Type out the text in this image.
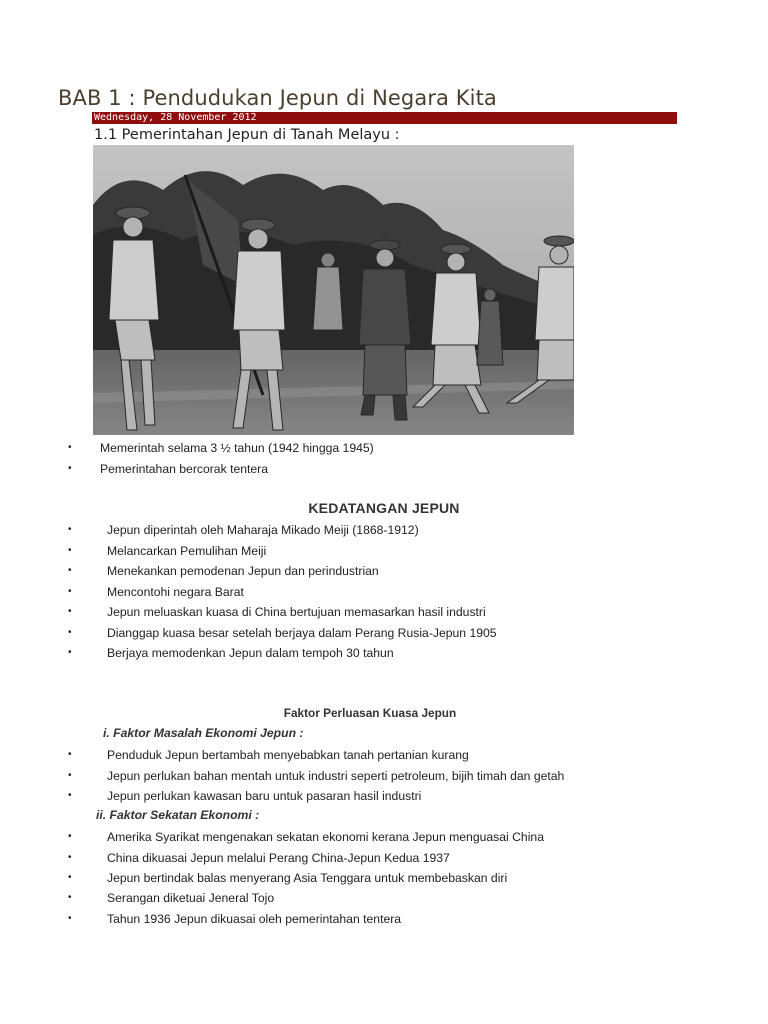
BAB 1 : Pendudukan Jepun di Negara Kita
Wednesday, 28 November 2012
1.1 Pemerintahan Jepun di Tanah Melayu :
• Memerintah selama 3 ½ tahun (1942 hingga 1945)
• Pemerintahan bercorak tentera
KEDATANGAN JEPUN
•	Jepun diperintah oleh Maharaja Mikado Meiji (1868-1912)
•	Melancarkan Pemulihan Meiji
•	Menekankan pemodenan Jepun dan perindustrian
•	Mencontohi negara Barat
•	Jepun meluaskan kuasa di China bertujuan memasarkan hasil industri
•	Dianggap kuasa besar setelah berjaya dalam Perang Rusia-Jepun 1905
•	Berjaya memodenkan Jepun dalam tempoh 30 tahun
Faktor Perluasan Kuasa Jepun

i. Faktor Masalah Ekonomi Jepun :

•	Penduduk Jepun bertambah menyebabkan tanah pertanian kurang
•	Jepun perlukan bahan mentah untuk industri seperti petroleum, bijih timah dan getah
•	Jepun perlukan kawasan baru untuk pasaran hasil industri

ii. Faktor Sekatan Ekonomi :

•	Amerika Syarikat mengenakan sekatan ekonomi kerana Jepun menguasai China
•	China dikuasai Jepun melalui Perang China-Jepun Kedua 1937
•	Jepun bertindak balas menyerang Asia Tenggara untuk membebaskan diri
•	Serangan diketuai Jeneral Tojo
•	Tahun 1936 Jepun dikuasai oleh pemerintahan tentera
